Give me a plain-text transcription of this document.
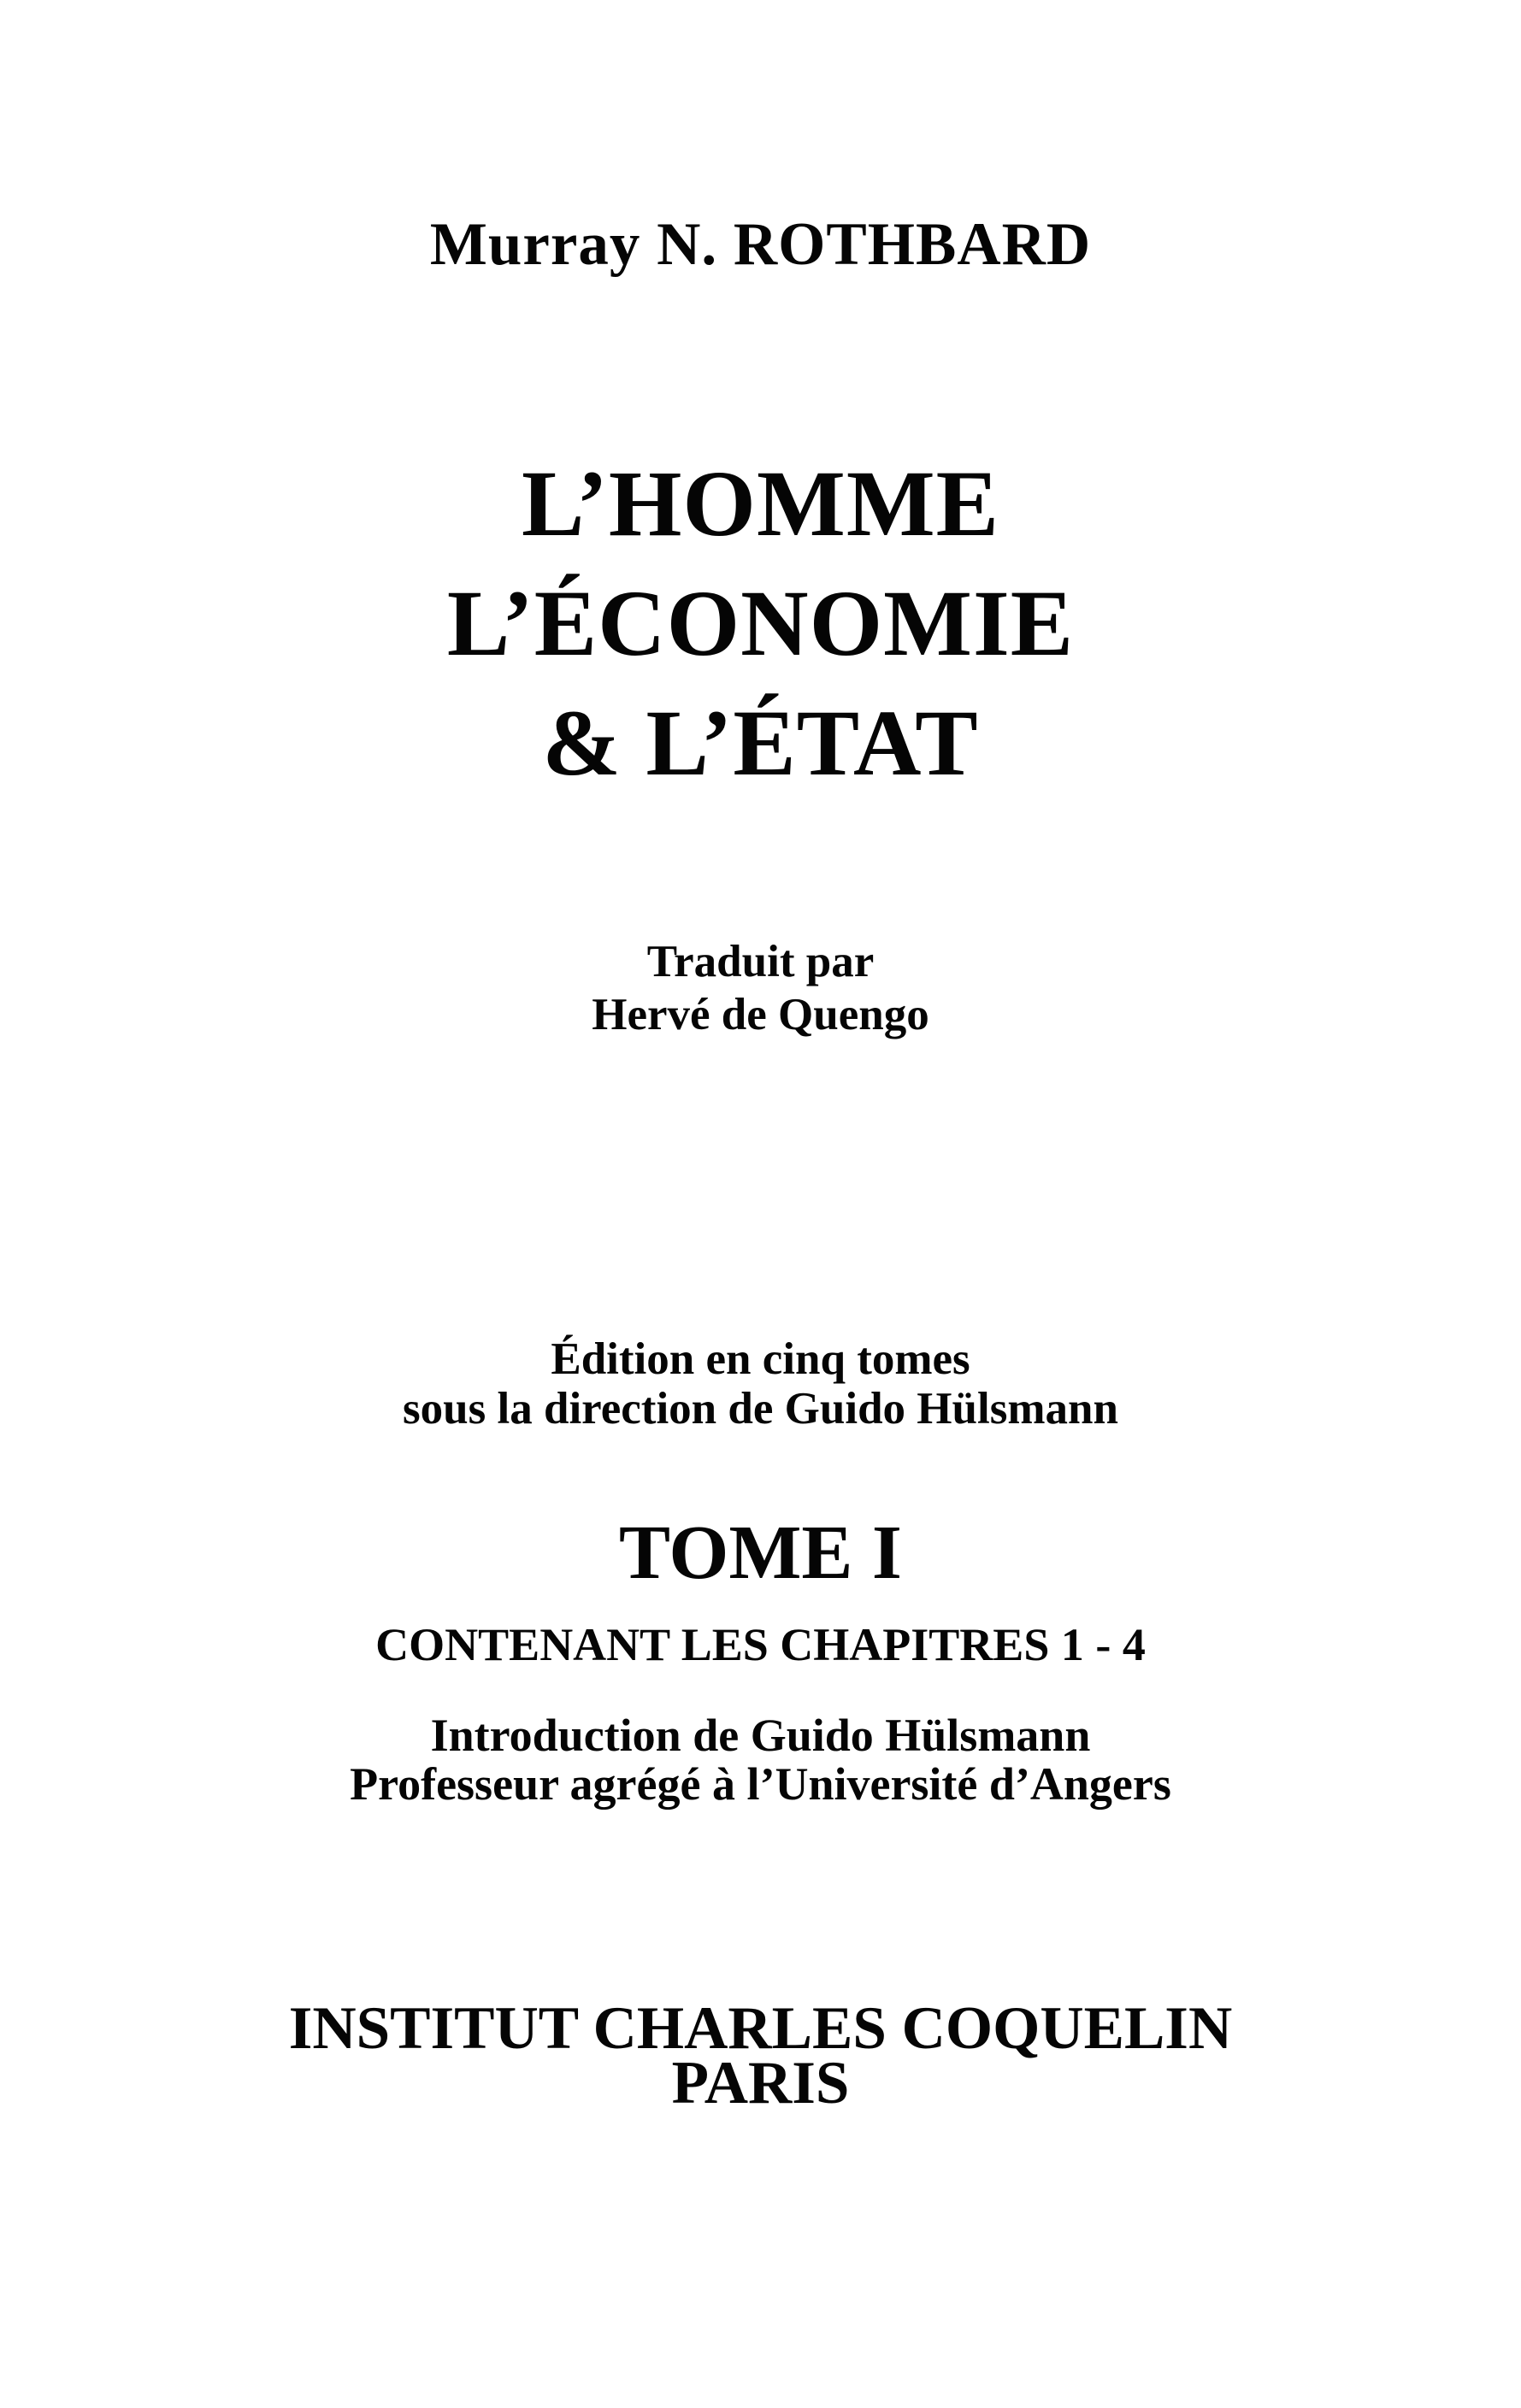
Murray N. ROTHBARD
L’HOMME
L’ÉCONOMIE
& L’ÉTAT
Traduit par
Hervé de Quengo
Édition en cinq tomes
sous la direction de Guido Hülsmann
TOME I
CONTENANT LES CHAPITRES 1 - 4
Introduction de Guido Hülsmann
Professeur agrégé à l’Université d’Angers
INSTITUT CHARLES COQUELIN
PARIS
